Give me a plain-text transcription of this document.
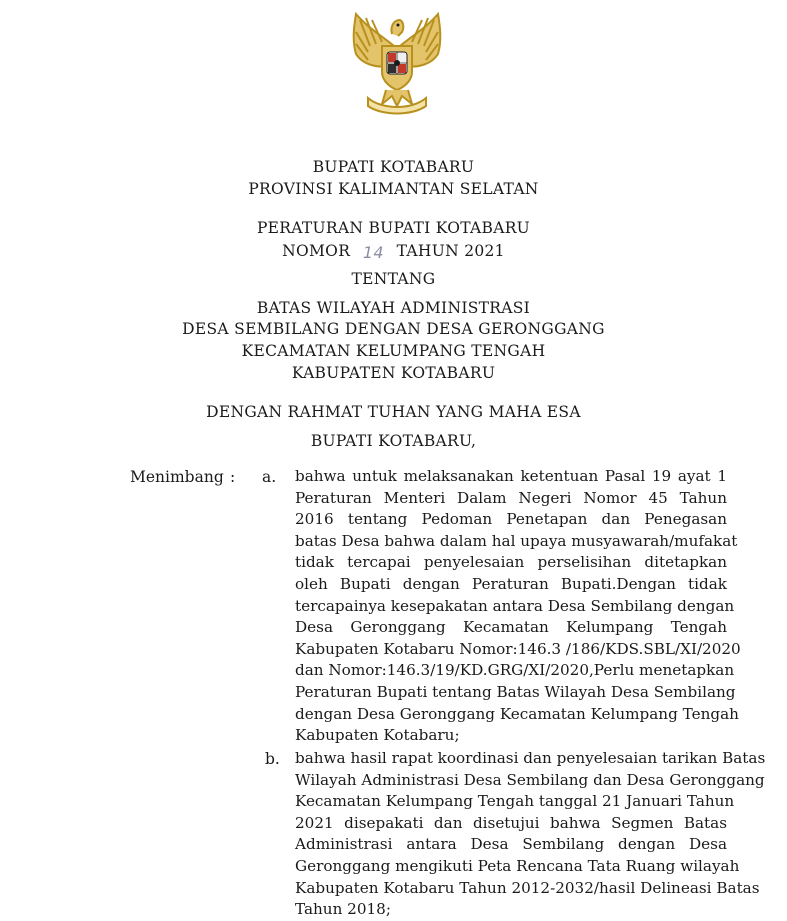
BUPATI KOTABARU
PROVINSI KALIMANTAN SELATAN
PERATURAN BUPATI KOTABARU
NOMOR 14 TAHUN 2021
TENTANG
BATAS WILAYAH ADMINISTRASI
DESA SEMBILANG DENGAN DESA GERONGGANG
KECAMATAN KELUMPANG TENGAH
KABUPATEN KOTABARU
DENGAN RAHMAT TUHAN YANG MAHA ESA
BUPATI KOTABARU,
Menimbang : a. bahwa untuk melaksanakan ketentuan Pasal 19 ayat 1
Peraturan Menteri Dalam Negeri Nomor 45 Tahun
2016 tentang Pedoman Penetapan dan Penegasan
batas Desa bahwa dalam hal upaya musyawarah/mufakat
tidak tercapai penyelesaian perselisihan ditetapkan
oleh Bupati dengan Peraturan Bupati.Dengan tidak
tercapainya kesepakatan antara Desa Sembilang dengan
Desa Geronggang Kecamatan Kelumpang Tengah
Kabupaten Kotabaru Nomor:146.3 /186/KDS.SBL/XI/2020
dan Nomor:146.3/19/KD.GRG/XI/2020,Perlu menetapkan
Peraturan Bupati tentang Batas Wilayah Desa Sembilang
dengan Desa Geronggang Kecamatan Kelumpang Tengah
Kabupaten Kotabaru;
b. bahwa hasil rapat koordinasi dan penyelesaian tarikan Batas
Wilayah Administrasi Desa Sembilang dan Desa Geronggang
Kecamatan Kelumpang Tengah tanggal 21 Januari Tahun
2021 disepakati dan disetujui bahwa Segmen Batas
Administrasi antara Desa Sembilang dengan Desa
Geronggang mengikuti Peta Rencana Tata Ruang wilayah
Kabupaten Kotabaru Tahun 2012-2032/hasil Delineasi Batas
Tahun 2018;
